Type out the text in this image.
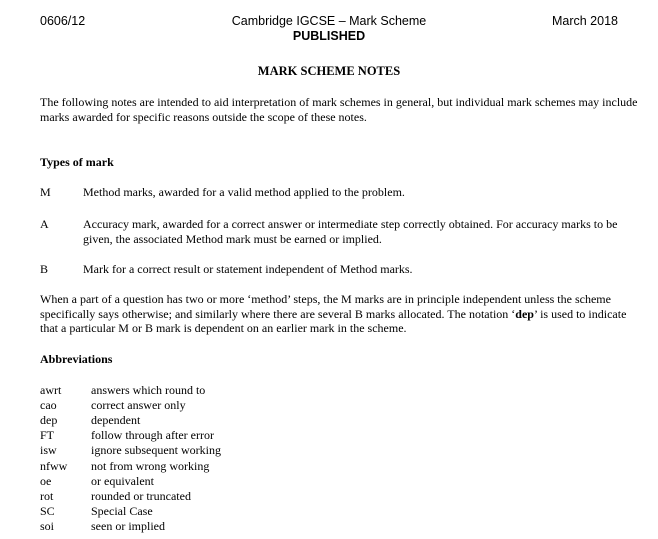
0606/12	Cambridge IGCSE – Mark Scheme	March 2018
PUBLISHED
MARK SCHEME NOTES
The following notes are intended to aid interpretation of mark schemes in general, but individual mark schemes may include marks awarded for specific reasons outside the scope of these notes.
Types of mark
M	Method marks, awarded for a valid method applied to the problem.
A	Accuracy mark, awarded for a correct answer or intermediate step correctly obtained. For accuracy marks to be given, the associated Method mark must be earned or implied.
B	Mark for a correct result or statement independent of Method marks.
When a part of a question has two or more ‘method’ steps, the M marks are in principle independent unless the scheme specifically says otherwise; and similarly where there are several B marks allocated. The notation ‘dep’ is used to indicate that a particular M or B mark is dependent on an earlier mark in the scheme.
Abbreviations
awrt	answers which round to
cao	correct answer only
dep	dependent
FT	follow through after error
isw	ignore subsequent working
nfww	not from wrong working
oe	or equivalent
rot	rounded or truncated
SC	Special Case
soi	seen or implied
